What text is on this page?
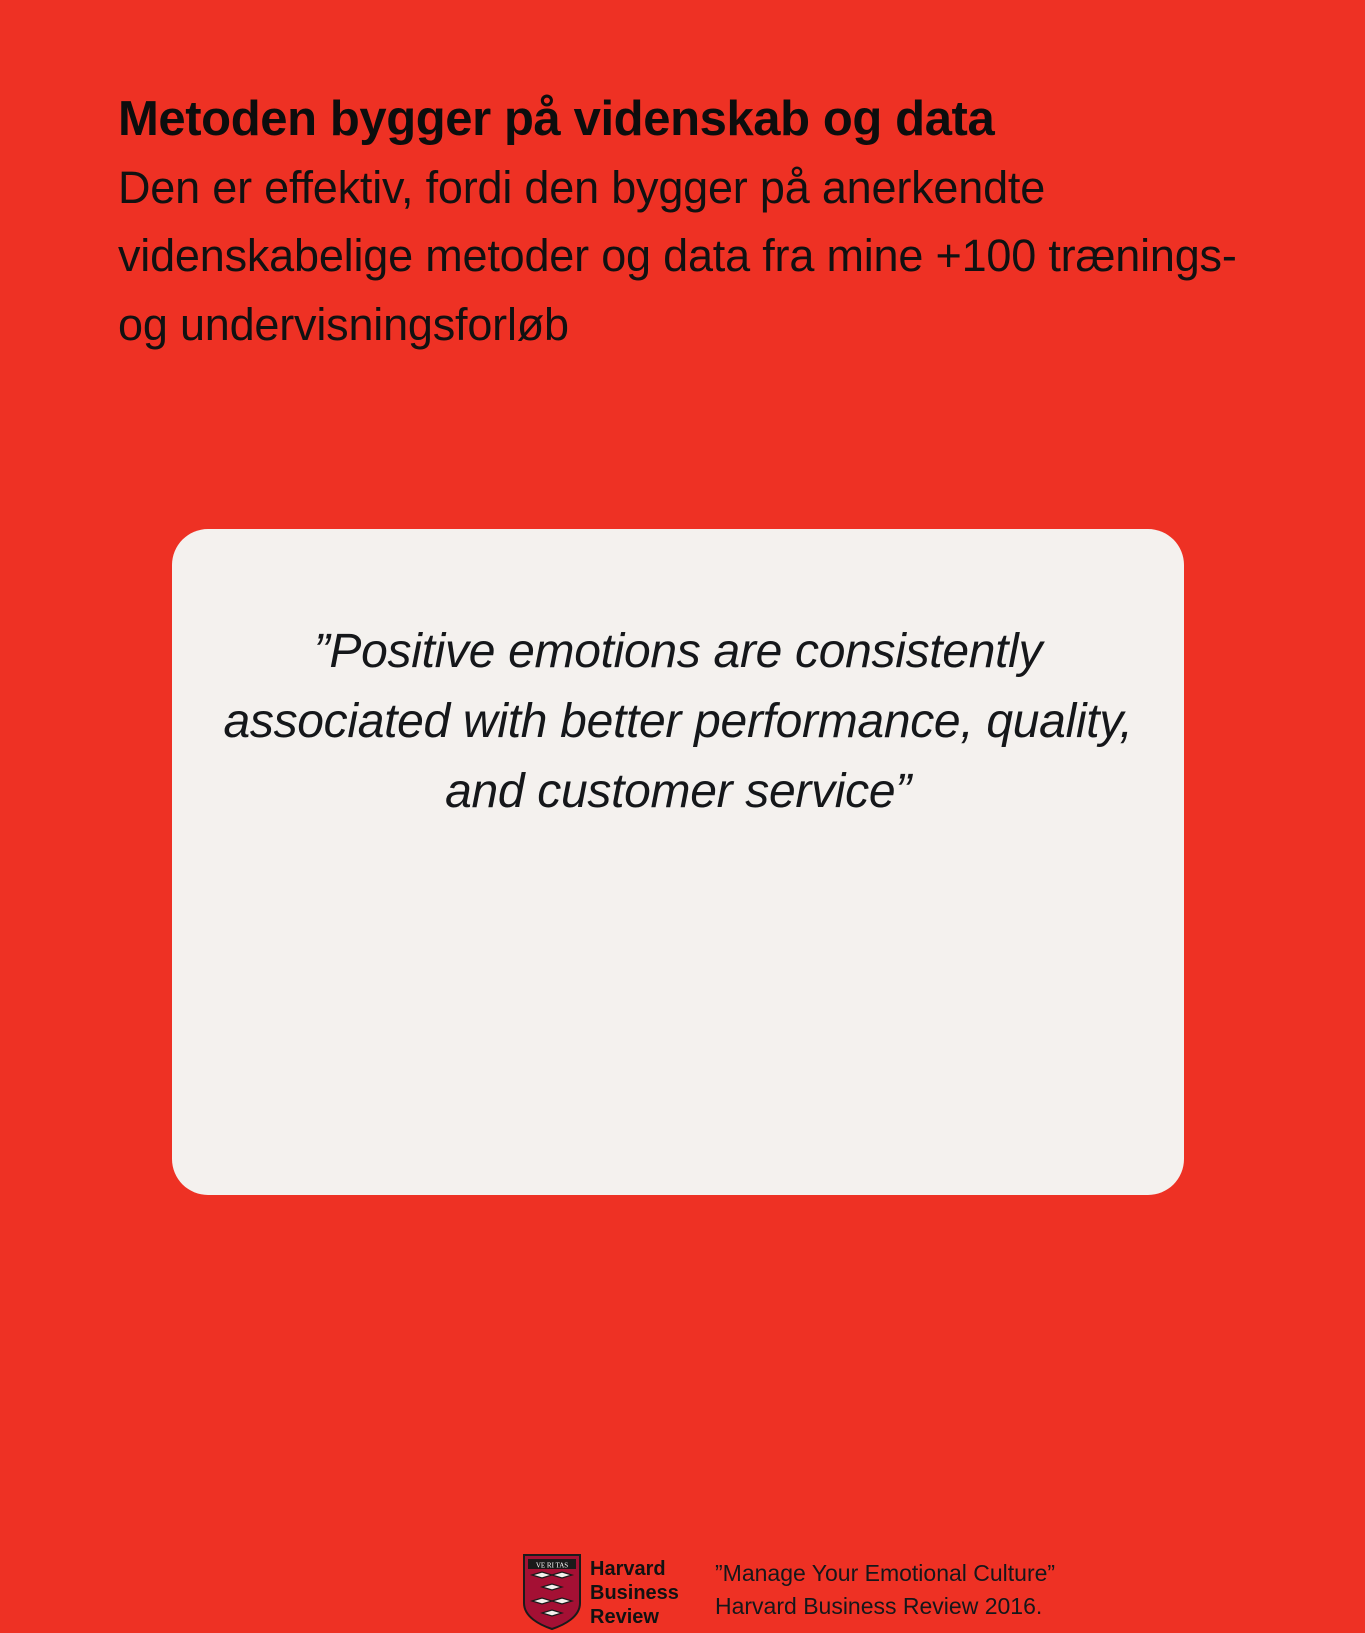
Metoden bygger på videnskab og data

Den er effektiv, fordi den bygger på anerkendte videnskabelige metoder og data fra mine +100 trænings- og undervisningsforløb

”Positive emotions are consistently associated with better performance, quality, and customer service”
VE RI TAS Harvard
Business
Review
”Manage Your Emotional Culture”
Harvard Business Review 2016.
